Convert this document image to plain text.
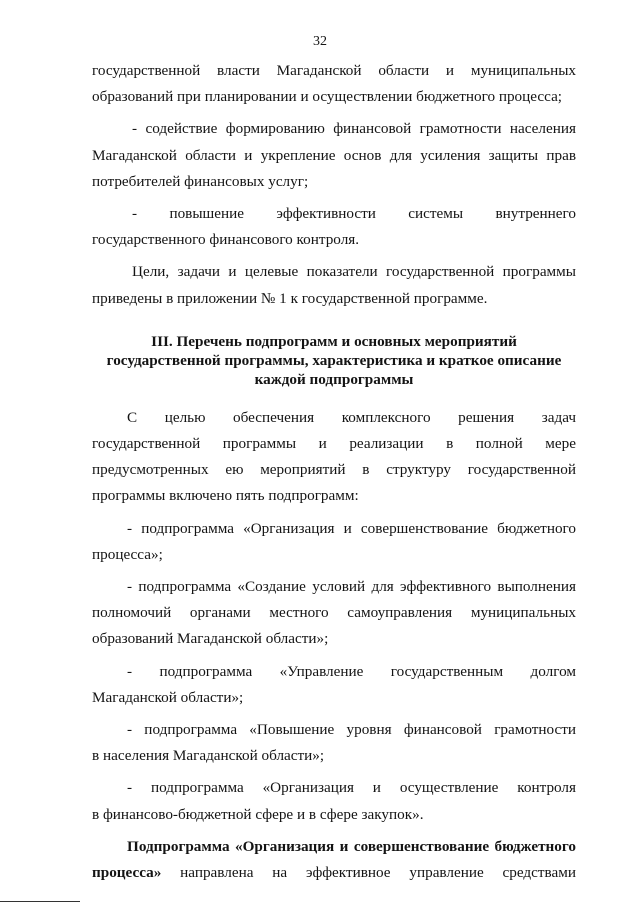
32

государственной власти Магаданской области и муниципальных

образований при планировании и осуществлении бюджетного процесса;

- содействие формированию финансовой грамотности населения

Магаданской области и укрепление основ для усиления защиты прав

потребителей финансовых услуг;

- повышение эффективности системы внутреннего

государственного финансового контроля.

Цели, задачи и целевые показатели государственной программы

приведены в приложении № 1 к государственной программе.

III. Перечень подпрограмм и основных мероприятий
государственной программы, характеристика и краткое описание
каждой подпрограммы

С целью обеспечения комплексного решения задач

государственной программы и реализации в полной мере

предусмотренных ею мероприятий в структуру государственной

программы включено пять подпрограмм:

- подпрограмма «Организация и совершенствование бюджетного

процесса»;

- подпрограмма «Создание условий для эффективного выполнения

полномочий органами местного самоуправления муниципальных

образований Магаданской области»;

- подпрограмма «Управление государственным долгом

Магаданской области»;

- подпрограмма «Повышение уровня финансовой грамотности

в населения Магаданской области»;

- подпрограмма «Организация и осуществление контроля

в финансово-бюджетной сфере и в сфере закупок».

Подпрограмма «Организация и совершенствование бюджетного

процесса» направлена на эффективное управление средствами
